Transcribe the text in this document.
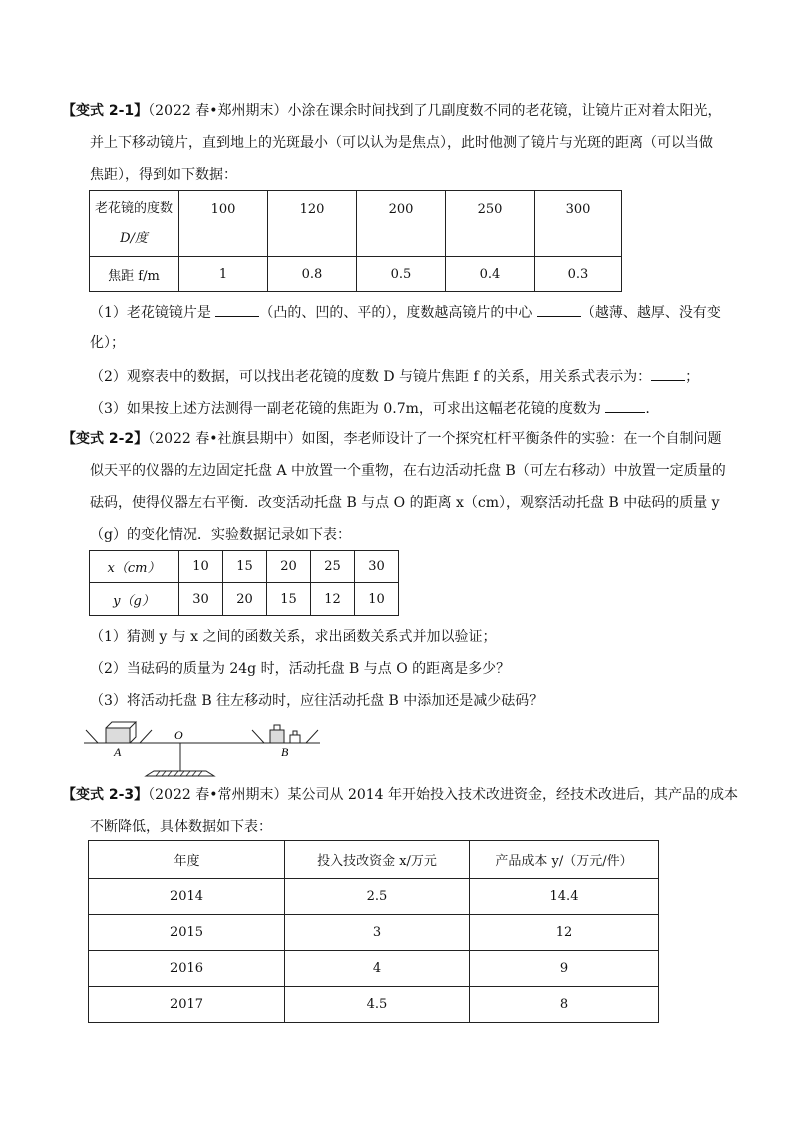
【变式 2-1】（2022 春•郑州期末）小涂在课余时间找到了几副度数不同的老花镜，让镜片正对着太阳光，
并上下移动镜片，直到地上的光斑最小（可以认为是焦点），此时他测了镜片与光斑的距离（可以当做
焦距），得到如下数据：
老花镜的度数
D/度	100	120	200	250	300
焦距 f/m	1	0.8	0.5	0.4	0.3
（1）老花镜镜片是	（凸的、凹的、平的），度数越高镜片的中心	（越薄、越厚、没有变
化）；
（2）观察表中的数据，可以找出老花镜的度数 D 与镜片焦距 f 的关系，用关系式表示为： ；
（3）如果按上述方法测得一副老花镜的焦距为 0.7m，可求出这幅老花镜的度数为	.
【变式 2-2】（2022 春•社旗县期中）如图，李老师设计了一个探究杠杆平衡条件的实验：在一个自制问题
似天平的仪器的左边固定托盘 A 中放置一个重物，在右边活动托盘 B（可左右移动）中放置一定质量的
砝码，使得仪器左右平衡．改变活动托盘 B 与点 O 的距离 x（cm），观察活动托盘 B 中砝码的质量 y
（g）的变化情况．实验数据记录如下表：
x（cm）	10	15	20	25	30
y（g）	30	20	15	12	10
（1）猜测 y 与 x 之间的函数关系，求出函数关系式并加以验证；
（2）当砝码的质量为 24g 时，活动托盘 B 与点 O 的距离是多少？
（3）将活动托盘 B 往左移动时，应往活动托盘 B 中添加还是减少砝码？
A
O
B
【变式 2-3】（2022 春•常州期末）某公司从 2014 年开始投入技术改进资金，经技术改进后，其产品的成本
不断降低，具体数据如下表：
年度	投入技改资金 x/万元	产品成本 y/（万元/件）
2014	2.5	14.4
2015	3	12
2016	4	9
2017	4.5	8
